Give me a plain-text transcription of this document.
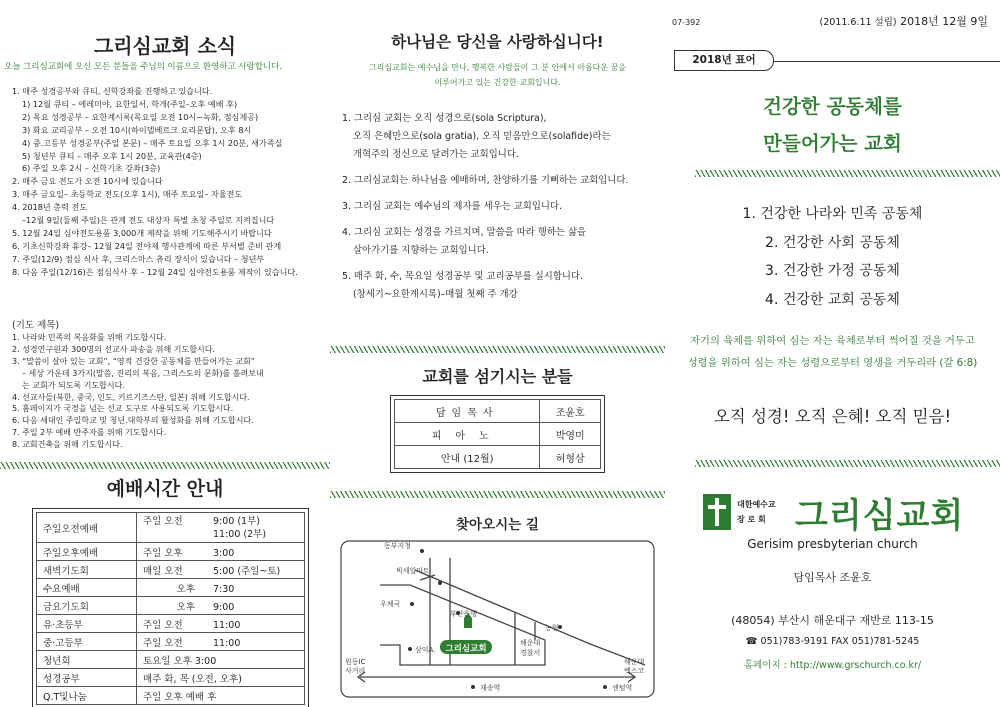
그리심교회 소식
오늘 그리심교회에 오신 모든 분들을 주님의 이름으로 환영하고 사랑합니다.
1. 매주 성경공부와 큐티, 신학강좌를 진행하고 있습니다.
1) 12월 큐티 – 에레미야, 요한일서, 학개(주일–오후 예배 후)
2) 목요 성경공부 – 요한계시록(목요일 오전 10시~녹화, 점심제공)
3) 화요 교리공부 – 오전 10시(하이델베르크 요리문답), 오후 8시
4) 중.고등부 성경공부(주일 본문) – 매주 토요일 오후 1시 20분, 새가족실
5) 청년부 큐티 – 매주 오후 1시 20분, 교육관(4층)
6) 주일 오후 2시 – 신학기초 강좌(3층)
2. 매주 금요 전도가 오전 10시에 있습니다
3. 매주 금요일– 초등학교 전도(오후 1시), 매주 토요일– 자율전도
4. 2018년 총력 전도
–12월 9일(둘째 주일)은 관계 전도 대상자 특별 초청 주일로 지켜집니다
5. 12월 24일 심야전도용품 3,000개 제작을 위해 기도해주시기 바랍니다
6. 기초신학강좌 휴강– 12월 24일 전야제 행사관계에 따른 부서별 준비 관계
7. 주일(12/9) 점심 식사 후, 크리스마스 츄리 장식이 있습니다 – 청년부
8. 다음 주일(12/16)은 점심식사 후 – 12월 24일 심야전도용품 제작이 있습니다.
(기도 제목)
1. 나라와 민족의 복음화를 위해 기도합시다.
2. 성경연구원과 300명의 선교사 파송을 위해 기도합시다.
3. “말씀이 살아 있는 교회”, “영적 건강한 공동체를 만들어가는 교회”
– 세상 가운데 3가지(말씀, 진리의 복음, 그리스도의 문화)를 흘려보내
는 교회가 되도록 기도합시다.
4. 선교사들(북한, 중국, 인도, 키르기즈스탄, 일본) 위해 기도합시다.
5. 홈페이지가 국경을 넘는 선교 도구로 사용되도록 기도합시다.
6. 다음 세대인 주일학교 및 청년.대학부의 활성화를 위해 기도합시다.
7. 주일 2부 예배 반주자를 위해 기도합시다.
8. 교회건축을 위해 기도합시다.
예배시간 안내
주일오전예배	주일 오전 9:00 (1부)
11:00 (2부)
주일오후예배	주일 오후 3:00
새벽기도회	매일 오전 5:00 (주일~토)
수요예배	오후 7:30
금요기도회	오후 9:00
유·초등부	주일 오전 11:00
중·고등부	주일 오전 11:00
청년회	토요일 오후 3:00
성경공부	매주 화, 목 (오전, 오후)
Q.T및나눔	주일 오후 예배 후
하나님은 당신을 사랑하십니다!
그리심교회는 예수님을 만나, 행복한 사람들이 그 분 안에서 아름다운 꿈을
이루어가고 있는 건강한 교회입니다.
1. 그리심 교회는 오직 성경으로(sola Scriptura),
오직 은혜만으로(sola gratia), 오직 믿음만으로(solafide)라는
개혁주의 정신으로 달려가는 교회입니다.
2. 그리심교회는 하나님을 예배하며, 찬양하기를 기뻐하는 교회입니다.
3. 그리심 교회는 예수님의 제자를 세우는 교회입니다.
4. 그리심 교회는 성경을 가르치며, 말씀을 따라 행하는 삶을
살아가기를 지향하는 교회입니다.
5. 매주 화, 수, 목요일 성경공부 및 교리공부를 실시합니다.
(창세기~요한계시록)–매월 첫째 주 개강
교회를 섬기시는 분들
담임목사	조윤호
피아노	박영미
안내 (12월)	허형삼
찾아오시는 길
그리심교회
동부지청
빅세일마트
우체국
부산은행
농협
해운대
경찰서
삼익A.
원동IC
사거리
재송역	센텀역
해운대
벡스코
07-392	(2011.6.11 설립) 2018년 12월 9일
2018년 표어
건강한 공동체를
만들어가는 교회
1. 건강한 나라와 민족 공동체
2. 건강한 사회 공동체
3. 건강한 가정 공동체
4. 건강한 교회 공동체
자기의 육체를 위하여 심는 자는 육체로부터 썩어질 것을 거두고
성령을 위하여 심는 자는 성령으로부터 영생을 거두리라 (갈 6:8)
오직 성경! 오직 은혜! 오직 믿음!
대한예수교
장 로 회 그리심교회
Gerisim presbyterian church
담임목사 조윤호
(48054) 부산시 해운대구 재반로 113-15
☎ 051)783-9191 FAX 051)781-5245
홈페이지 : http://www.grschurch.co.kr/
